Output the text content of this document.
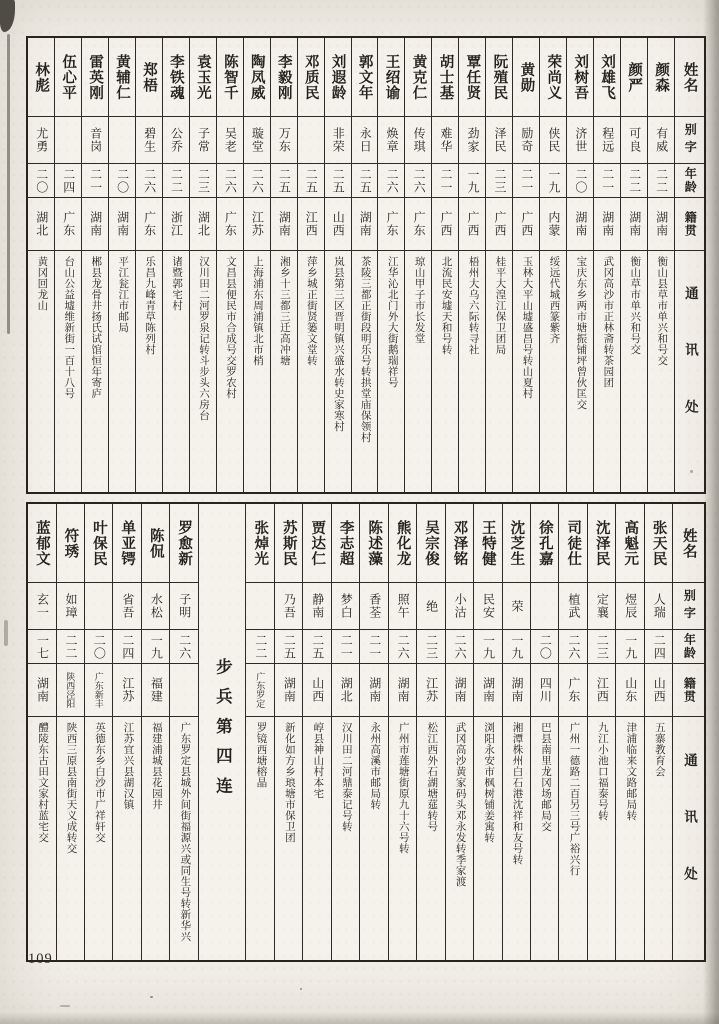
姓名
别字
年龄
籍贯
通讯处
颜森
有威
二二
湖南
衡山县草市单兴和号交
颜严
可良
二二
湖南
衡山草市单兴和号交
刘雄飞
程远
二一
湖南
武冈高沙市正林斋转茶园团
刘树吾
济世
二〇
湖南
宝庆东乡两市塘振铺坪曾伙匡交
荣尚义
侠民
一九
内蒙
绥远代城西篆紫齐
黄勋
励奇
二一
广西
玉林大平山墟盛昌号转山夏村
阮殖民
泽民
二三
广西
桂平大湟江保卫团局
覃任贤
劲家
一九
广西
梧州大乌六际转寻社
胡士基
难华
二一
广西
北流民安墟天和号转
黄克仁
传琪
二六
广东
琼山甲子市长发堂
王绍谕
焕章
二六
广东
江华沁北门外大街鹅瑞祥号
郭文年
永日
二五
湖南
茶陵三都正街段明乐号转拱堂庙保领村
刘遐龄
非荣
二五
山西
岚县第三区晋明镇兴盛水转史家寒村
邓质民
二五
江西
萍乡城正街贤篓文堂转
李毅刚
万东
二五
湖南
湘乡十三都三迁高冲塘
陶凤威
璇堂
二六
江苏
上海浦东周浦镇北市梢
陈智千
吴老
二六
广东
文昌县便民市合成号交罗农村
袁玉光
子常
二三
湖北
汉川田二河罗泉记转斗步头六房台
李铁魂
公乔
二二
浙江
诸暨郭宅村
郑梧
碧生
二六
广东
乐昌九峰青草陈列村
黄辅仁
二〇
湖南
平江瓮江市邮局
雷英刚
音岗
二一
湖南
郴县龙骨井扬氏试馆恒年寄庐
伍心平
二四
广东
台山公益墟维新街一百十八号
林彪
尤勇
二〇
湖北
黄冈回龙山
姓名
别字
年龄
籍贯
通讯处
张天民
人瑞
二四
山西
五寨教育会
高魁元
煜辰
一九
山东
津浦临来文路邮局转
沈泽民
定襄
二三
江西
九江小池口福泰号转
司徒仕
植武
二六
广东
广州一德路二百另三号广裕兴行
徐孔嘉
二〇
四川
巴县南里龙冈场邮局交
沈芝生
荣
一九
湖南
湘潭株州白石港沈祥和友号转
王特健
民安
一九
湖南
浏阳永安市枫树铺姜寓转
邓泽铭
小沽
二六
湖南
武冈高沙黄家码头邓永发转季家渡
吴宗俊
绝
二三
江苏
松江西外石湖塘莚转号
熊化龙
照午
二六
湖南
广州市莲塘街原九十六号转
陈述藻
香荃
二一
湖南
永州高溪市邮局转
李志超
梦白
二一
湖北
汉川田二河鼎泰记号转
贾达仁
静南
二五
山西
崞县神山村本宅
苏斯民
乃吾
二五
湖南
新化如方乡琅塘市保卫团
张焯光
二二
广东罗定
罗镜西塘榕晶
步兵第四连
罗愈新
子明
二六
广东罗定县城外间街福源兴或同生号转新华兴
陈侃
水松
一九
福建
福建浦城县花园井
单亚锷
省吾
二四
江苏
江苏宜兴县湖汉镇
叶保民
二〇
广东新丰
英德东乡白沙市广祥轩交
符琇
如璋
二二
陕西泾阳
陕西三原县南街天义成转交
蓝郁文
玄一
一七
湖南
醴陵东古田文家村蓝宅交
109
